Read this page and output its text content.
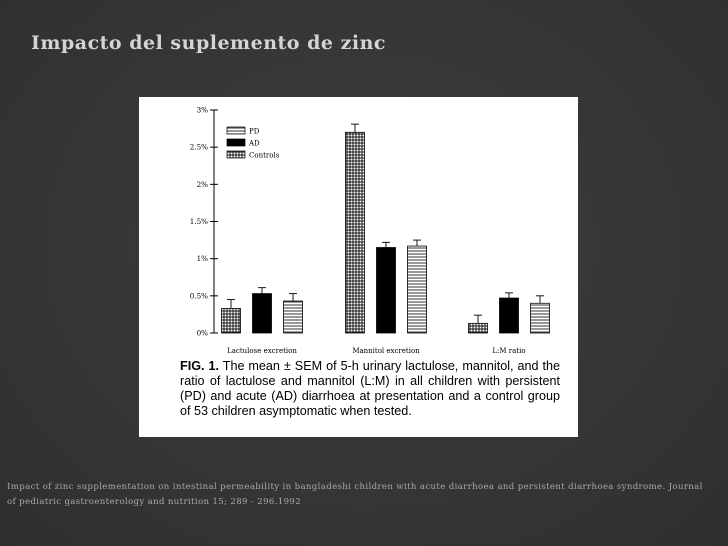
Impacto del suplemento de zinc
0%
0.5%
1%
1.5%
2%
2.5%
3%
PD
AD
Controls
Lactulose excretion	Mannitol excretion	L:M ratio
FIG. 1. The mean ± SEM of 5-h urinary lactulose, mannitol, and the ratio of lactulose and mannitol (L:M) in all children with persistent (PD) and acute (AD) diarrhoea at presentation and a control group of 53 children asymptomatic when tested.
Impact of zinc supplementation on intestinal permeability in bangladeshi children with acute diarrhoea and persistent diarrhoea syndrome. Journal of pediatric gastroenterology and nutrition 15; 289 - 296.1992
